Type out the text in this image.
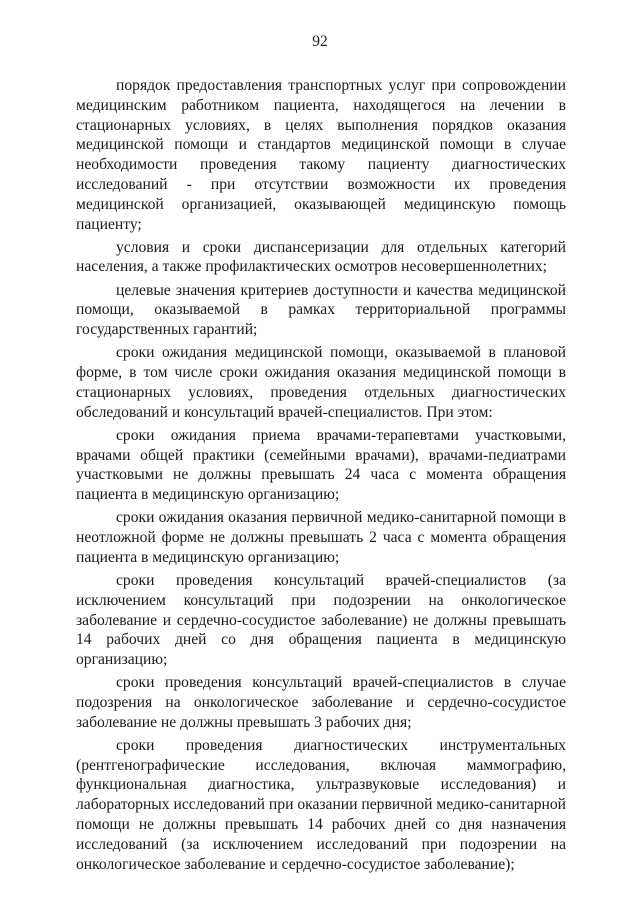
92

порядок предоставления транспортных услуг при сопровождении медицинским работником пациента, находящегося на лечении в стационарных условиях, в целях выполнения порядков оказания медицинской помощи и стандартов медицинской помощи в случае необходимости проведения такому пациенту диагностических исследований - при отсутствии возможности их проведения медицинской организацией, оказывающей медицинскую помощь пациенту;

условия и сроки диспансеризации для отдельных категорий населения, а также профилактических осмотров несовершеннолетних;

целевые значения критериев доступности и качества медицинской помощи, оказываемой в рамках территориальной программы государственных гарантий;

сроки ожидания медицинской помощи, оказываемой в плановой форме, в том числе сроки ожидания оказания медицинской помощи в стационарных условиях, проведения отдельных диагностических обследований и консультаций врачей-специалистов. При этом:

сроки ожидания приема врачами-терапевтами участковыми, врачами общей практики (семейными врачами), врачами-педиатрами участковыми не должны превышать 24 часа с момента обращения пациента в медицинскую организацию;

сроки ожидания оказания первичной медико-санитарной помощи в неотложной форме не должны превышать 2 часа с момента обращения пациента в медицинскую организацию;

сроки проведения консультаций врачей-специалистов (за исключением консультаций при подозрении на онкологическое заболевание и сердечно-сосудистое заболевание) не должны превышать 14 рабочих дней со дня обращения пациента в медицинскую организацию;

сроки проведения консультаций врачей-специалистов в случае подозрения на онкологическое заболевание и сердечно-сосудистое заболевание не должны превышать 3 рабочих дня;

сроки проведения диагностических инструментальных (рентгенографические исследования, включая маммографию, функциональная диагностика, ультразвуковые исследования) и лабораторных исследований при оказании первичной медико-санитарной помощи не должны превышать 14 рабочих дней со дня назначения исследований (за исключением исследований при подозрении на онкологическое заболевание и сердечно-сосудистое заболевание);
